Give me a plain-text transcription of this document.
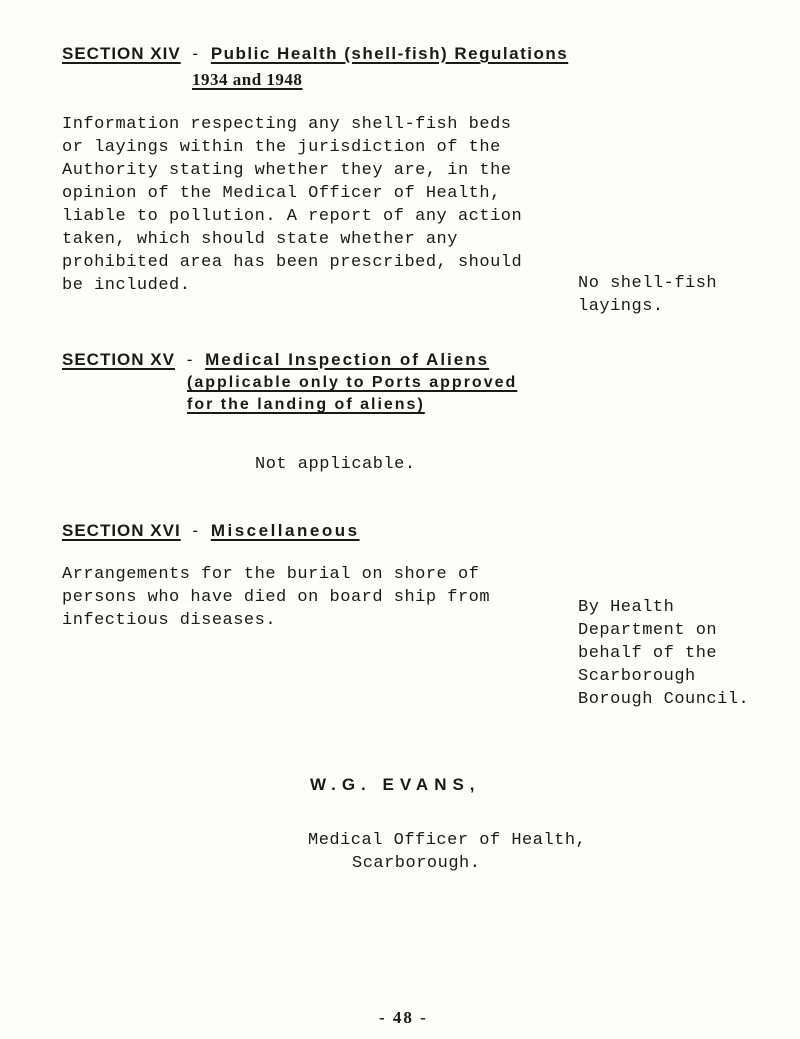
SECTION XIV - Public Health (shell-fish) Regulations
1934 and 1948
Information respecting any shell-fish beds
or layings within the jurisdiction of the
Authority stating whether they are, in the
opinion of the Medical Officer of Health,
liable to pollution. A report of any action
taken, which should state whether any
prohibited area has been prescribed, should
be included.	No shell-fish
layings.
SECTION XV - Medical Inspection of Aliens
(applicable only to Ports approved
for the landing of aliens)
Not applicable.
SECTION XVI - Miscellaneous
Arrangements for the burial on shore of
persons who have died on board ship from
infectious diseases.
By Health
Department on
behalf of the
Scarborough
Borough Council.
W.G. EVANS,
Medical Officer of Health,
Scarborough.
- 48 -
